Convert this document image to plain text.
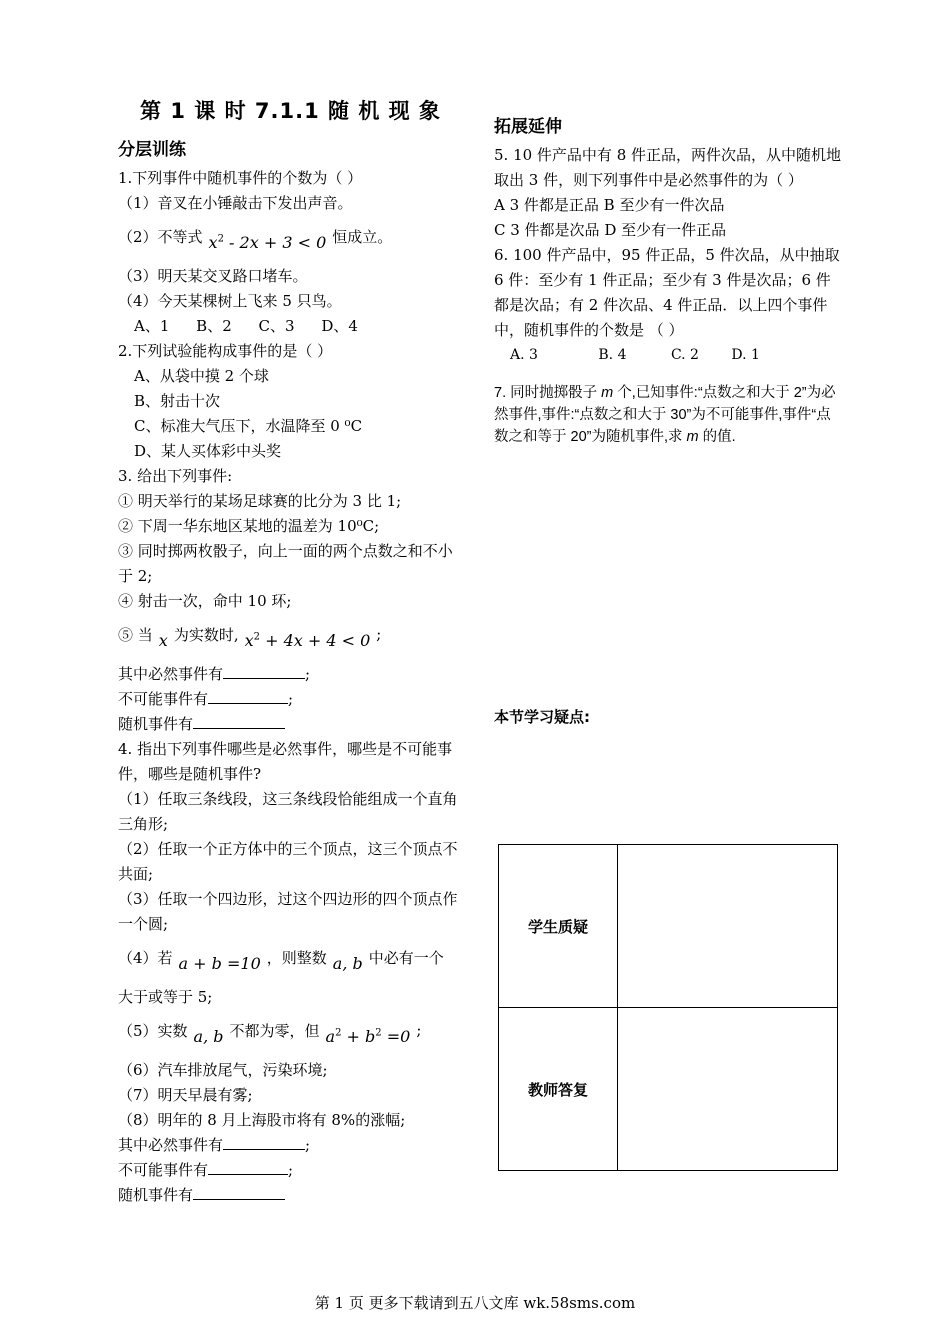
第 1 课 时 7.1.1 随 机 现 象
分层训练
1.下列事件中随机事件的个数为（ ）
（1）音叉在小锤敲击下发出声音。
（2）不等式 $x^2 - 2x + 3 < 0$ 恒成立。
（3）明天某交叉路口堵车。
（4）今天某棵树上飞来 5 只鸟。
A、1 B、2 C、3 D、4
2.下列试验能构成事件的是（ ）
A、从袋中摸 2 个球
B、射击十次
C、标准大气压下，水温降至 0 ⁰C
D、某人买体彩中头奖
3. 给出下列事件:
① 明天举行的某场足球赛的比分为 3 比 1;
② 下周一华东地区某地的温差为 10⁰C;
③ 同时掷两枚骰子，向上一面的两个点数之和不小于 2;
④ 射击一次，命中 10 环;
⑤ 当 x 为实数时, $x^2 + 4x + 4 < 0$ ;
其中必然事件有	;
不可能事件有	;
随机事件有
4. 指出下列事件哪些是必然事件，哪些是不可能事件，哪些是随机事件?
（1）任取三条线段，这三条线段恰能组成一个直角三角形;
（2）任取一个正方体中的三个顶点，这三个顶点不共面;
（3）任取一个四边形，过这个四边形的四个顶点作一个圆;
（4）若 a + b =10 ，则整数 a, b 中必有一个
大于或等于 5;
（5）实数 a, b 不都为零，但 $a^2 + b^2 =0$ ;
（6）汽车排放尾气，污染环境;
（7）明天早晨有雾;
（8）明年的 8 月上海股市将有 8%的涨幅;
其中必然事件有	;
不可能事件有	;
随机事件有
拓展延伸
5. 10 件产品中有 8 件正品，两件次品，从中随机地取出 3 件，则下列事件中是必然事件的为（ ）
A 3 件都是正品 B 至少有一件次品
C 3 件都是次品 D 至少有一件正品
6. 100 件产品中，95 件正品，5 件次品，从中抽取 6 件：至少有 1 件正品；至少有 3 件是次品；6 件都是次品；有 2 件次品、4 件正品．以上四个事件中，随机事件的个数是 （ ）
A. 3	B. 4	C. 2 D. 1
7. 同时抛掷骰子 m 个,已知事件:“点数之和大于 2”为必然事件,事件:“点数之和大于 30”为不可能事件,事件“点数之和等于 20”为随机事件,求 m 的值.
本节学习疑点:
学生质疑	
教师答复	
第 1 页 更多下载请到五八文库 wk.58sms.com
